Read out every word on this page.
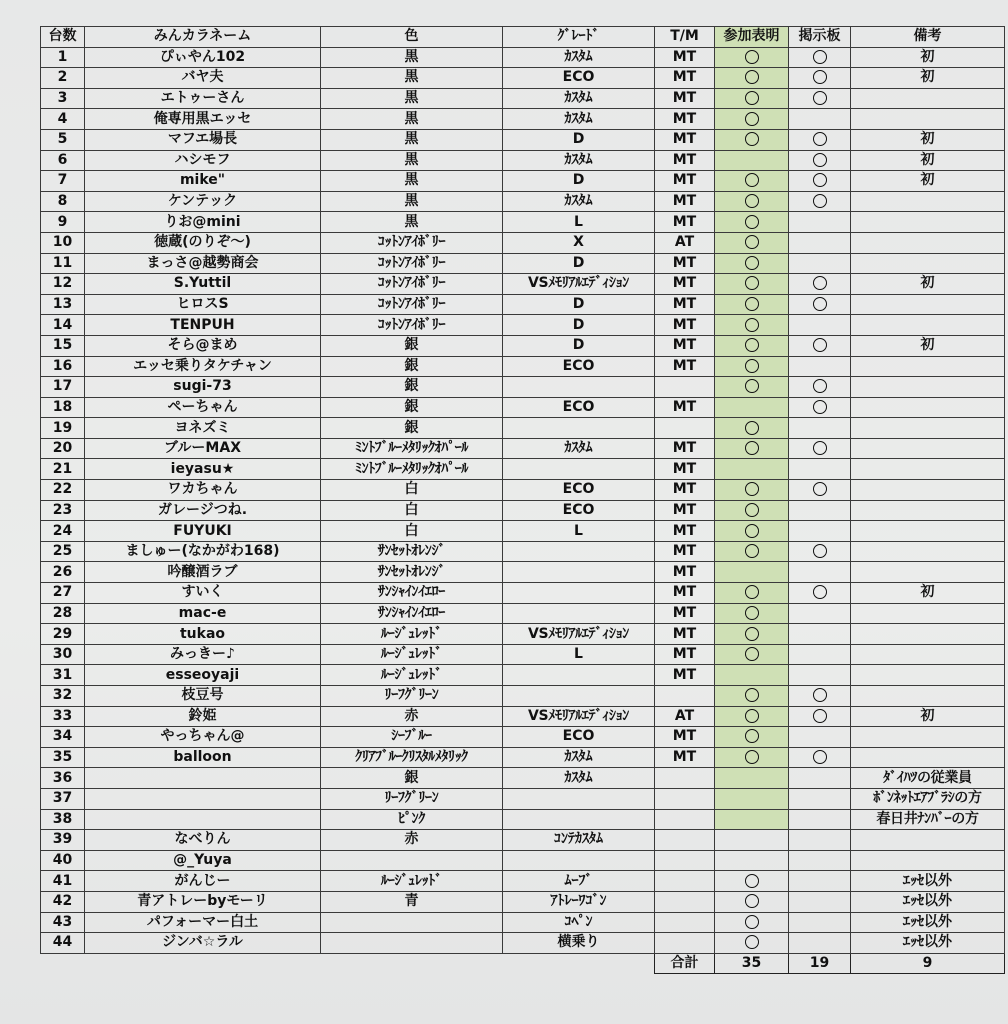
台数	みんカラネーム	色	ｸﾞﾚｰﾄﾞ	T/M	参加表明	掲示板	備考
1	ぴぃやん102	黒	ｶｽﾀﾑ	MT			初
2	バヤ夫	黒	ECO	MT			初
3	エトゥーさん	黒	ｶｽﾀﾑ	MT			
4	俺専用黒エッセ	黒	ｶｽﾀﾑ	MT			
5	マフエ場長	黒	D	MT			初
6	ハシモフ	黒	ｶｽﾀﾑ	MT			初
7	mike"	黒	D	MT			初
8	ケンテック	黒	ｶｽﾀﾑ	MT			
9	りお@mini	黒	L	MT			
10	徳蔵(のりぞ～)	ｺｯﾄﾝｱｲﾎﾞﾘｰ	X	AT			
11	まっさ@越勢商会	ｺｯﾄﾝｱｲﾎﾞﾘｰ	D	MT			
12	S.Yuttil	ｺｯﾄﾝｱｲﾎﾞﾘｰ	VSﾒﾓﾘｱﾙｴﾃﾞｨｼｮﾝ	MT			初
13	ヒロスS	ｺｯﾄﾝｱｲﾎﾞﾘｰ	D	MT			
14	TENPUH	ｺｯﾄﾝｱｲﾎﾞﾘｰ	D	MT			
15	そら@まめ	銀	D	MT			初
16	エッセ乗りタケチャン	銀	ECO	MT			
17	sugi-73	銀					
18	ペーちゃん	銀	ECO	MT			
19	ヨネズミ	銀					
20	ブルーMAX	ﾐﾝﾄﾌﾞﾙｰﾒﾀﾘｯｸｵﾊﾟｰﾙ	ｶｽﾀﾑ	MT			
21	ieyasu★	ﾐﾝﾄﾌﾞﾙｰﾒﾀﾘｯｸｵﾊﾟｰﾙ		MT			
22	ワカちゃん	白	ECO	MT			
23	ガレージつね.	白	ECO	MT			
24	FUYUKI	白	L	MT			
25	ましゅー(なかがわ168)	ｻﾝｾｯﾄｵﾚﾝｼﾞ		MT			
26	吟醸酒ラブ	ｻﾝｾｯﾄｵﾚﾝｼﾞ		MT			
27	すいく	ｻﾝｼｬｲﾝｲｴﾛｰ		MT			初
28	mac-e	ｻﾝｼｬｲﾝｲｴﾛｰ		MT			
29	tukao	ﾙｰｼﾞｭﾚｯﾄﾞ	VSﾒﾓﾘｱﾙｴﾃﾞｨｼｮﾝ	MT			
30	みっきー♪	ﾙｰｼﾞｭﾚｯﾄﾞ	L	MT			
31	esseoyaji	ﾙｰｼﾞｭﾚｯﾄﾞ		MT			
32	枝豆号	ﾘｰﾌｸﾞﾘｰﾝ					
33	鈴姫	赤	VSﾒﾓﾘｱﾙｴﾃﾞｨｼｮﾝ	AT			初
34	やっちゃん@	ｼｰﾌﾞﾙｰ	ECO	MT			
35	balloon	ｸﾘｱﾌﾞﾙｰｸﾘｽﾀﾙﾒﾀﾘｯｸ	ｶｽﾀﾑ	MT			
36		銀	ｶｽﾀﾑ				ﾀﾞｲﾊﾂの従業員
37		ﾘｰﾌｸﾞﾘｰﾝ					ﾎﾞﾝﾈｯﾄｴｱﾌﾞﾗｼの方
38		ﾋﾟﾝｸ					春日井ﾅﾝﾊﾞｰの方
39	なべりん	赤	ｺﾝﾃｶｽﾀﾑ				
40	@_Yuya						
41	がんじー	ﾙｰｼﾞｭﾚｯﾄﾞ	ﾑｰﾌﾞ				ｴｯｾ以外
42	青アトレーbyモーリ	青	ｱﾄﾚｰﾜｺﾞﾝ				ｴｯｾ以外
43	パフォーマー白土		ｺﾍﾟﾝ				ｴｯｾ以外
44	ジンバ☆ラル		横乗り				ｴｯｾ以外
				合計	35	19	9
